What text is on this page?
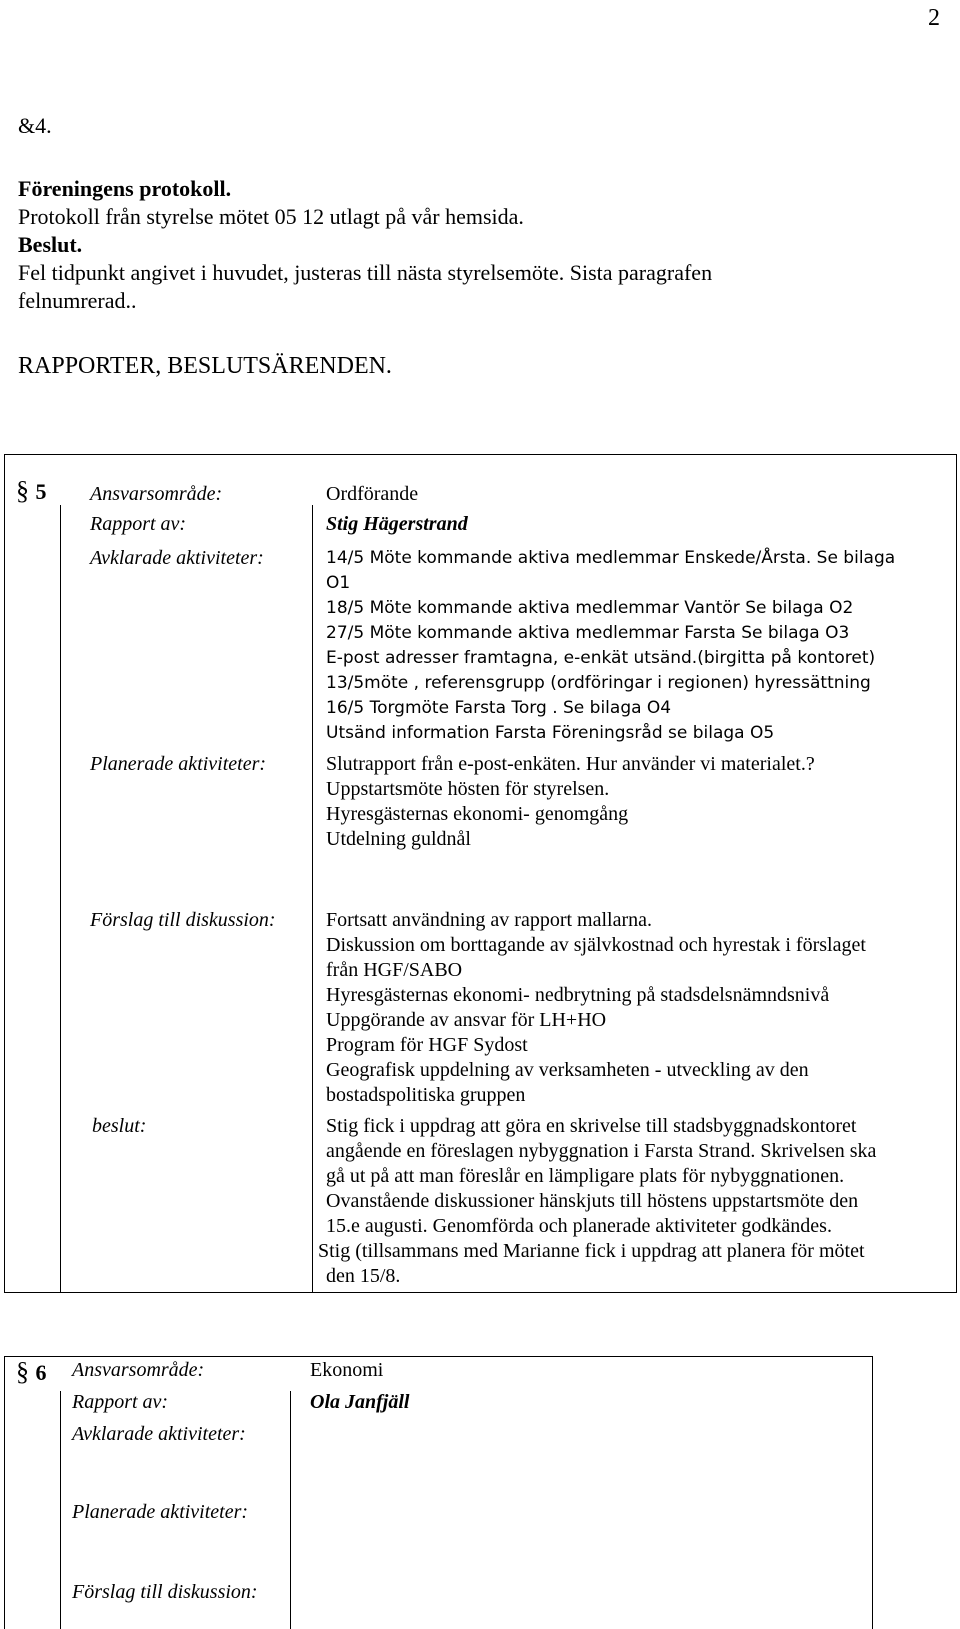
2
&4.
Föreningens protokoll.
Protokoll från styrelse mötet 05 12 utlagt på vår hemsida.
Beslut.
Fel tidpunkt angivet i huvudet, justeras till nästa styrelsemöte. Sista paragrafen
felnumrerad..
RAPPORTER, BESLUTSÄRENDEN.
§ 5 Ansvarsområde:	Ordförande
Rapport av:	Stig Hägerstrand
Avklarade aktiviteter:	14/5 Möte kommande aktiva medlemmar Enskede/Årsta. Se bilaga
O1
18/5 Möte kommande aktiva medlemmar Vantör Se bilaga O2
27/5 Möte kommande aktiva medlemmar Farsta Se bilaga O3
E-post adresser framtagna, e-enkät utsänd.(birgitta på kontoret)
13/5möte , referensgrupp (ordföringar i regionen) hyressättning
16/5 Torgmöte Farsta Torg . Se bilaga O4
Utsänd information Farsta Föreningsråd se bilaga O5
Planerade aktiviteter:	Slutrapport från e-post-enkäten. Hur använder vi materialet.?
Uppstartsmöte hösten för styrelsen.
Hyresgästernas ekonomi- genomgång
Utdelning guldnål
Förslag till diskussion:	Fortsatt användning av rapport mallarna.
Diskussion om borttagande av självkostnad och hyrestak i förslaget
från HGF/SABO
Hyresgästernas ekonomi- nedbrytning på stadsdelsnämndsnivå
Uppgörande av ansvar för LH+HO
Program för HGF Sydost
Geografisk uppdelning av verksamheten - utveckling av den
bostadspolitiska gruppen
beslut:	Stig fick i uppdrag att göra en skrivelse till stadsbyggnadskontoret
angående en föreslagen nybyggnation i Farsta Strand. Skrivelsen ska
gå ut på att man föreslår en lämpligare plats för nybyggnationen.
Ovanstående diskussioner hänskjuts till höstens uppstartsmöte den
15.e augusti. Genomförda och planerade aktiviteter godkändes.
Stig (tillsammans med Marianne fick i uppdrag att planera för mötet
den 15/8.
§ 6 Ansvarsområde:	Ekonomi
Rapport av:	Ola Janfjäll
Avklarade aktiviteter:
Planerade aktiviteter:
Förslag till diskussion:
